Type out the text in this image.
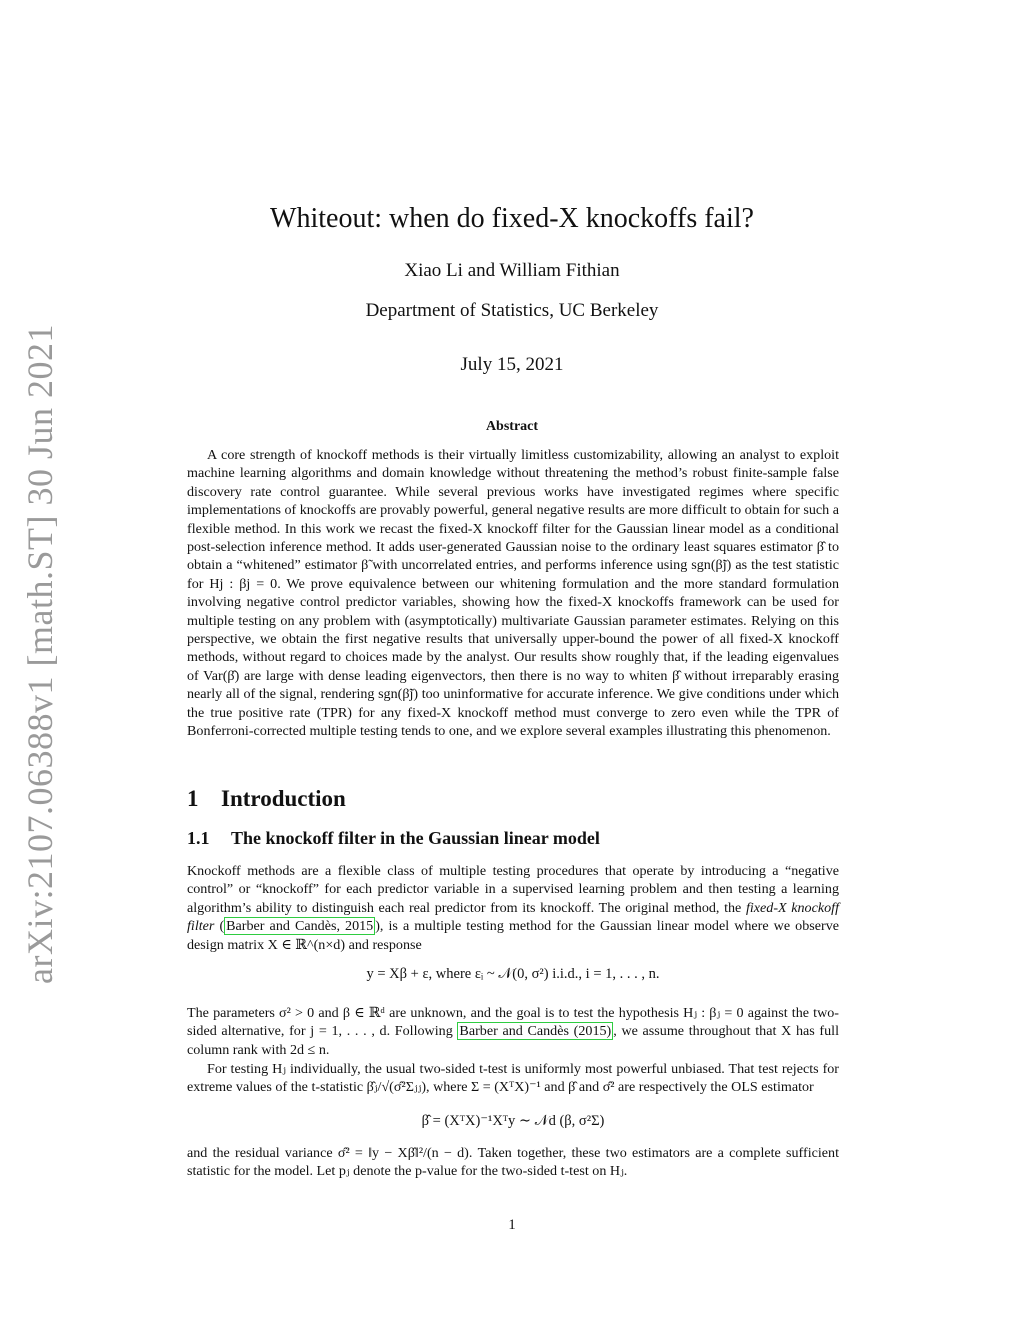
arXiv:2107.06388v1 [math.ST] 30 Jun 2021
Whiteout: when do fixed-X knockoffs fail?
Xiao Li and William Fithian
Department of Statistics, UC Berkeley
July 15, 2021
Abstract

A core strength of knockoff methods is their virtually limitless customizability, allowing an analyst to exploit machine learning algorithms and domain knowledge without threatening the method’s robust finite-sample false discovery rate control guarantee. While several previous works have investigated regimes where specific implementations of knockoffs are provably powerful, general negative results are more difficult to obtain for such a flexible method. In this work we recast the fixed-X knockoff filter for the Gaussian linear model as a conditional post-selection inference method. It adds user-generated Gaussian noise to the ordinary least squares estimator β̂ to obtain a “whitened” estimator β̃ with uncorrelated entries, and performs inference using sgn(β̃j) as the test statistic for Hj : βj = 0. We prove equivalence between our whitening formulation and the more standard formulation involving negative control predictor variables, showing how the fixed-X knockoffs framework can be used for multiple testing on any problem with (asymptotically) multivariate Gaussian parameter estimates. Relying on this perspective, we obtain the first negative results that universally upper-bound the power of all fixed-X knockoff methods, without regard to choices made by the analyst. Our results show roughly that, if the leading eigenvalues of Var(β̂) are large with dense leading eigenvectors, then there is no way to whiten β̂ without irreparably erasing nearly all of the signal, rendering sgn(β̃j) too uninformative for accurate inference. We give conditions under which the true positive rate (TPR) for any fixed-X knockoff method must converge to zero even while the TPR of Bonferroni-corrected multiple testing tends to one, and we explore several examples illustrating this phenomenon.

1 Introduction
1.1 The knockoff filter in the Gaussian linear model

Knockoff methods are a flexible class of multiple testing procedures that operate by introducing a “negative control” or “knockoff” for each predictor variable in a supervised learning problem and then testing a learning algorithm’s ability to distinguish each real predictor from its knockoff. The original method, the fixed-X knockoff filter ( Barber and Candès, 2015 ), is a multiple testing method for the Gaussian linear model where we observe design matrix X ∈ ℝ^(n×d) and response

y = Xβ + ε, where εᵢ ~ 𝒩(0, σ²) i.i.d., i = 1, . . . , n.

The parameters σ² > 0 and β ∈ ℝᵈ are unknown, and the goal is to test the hypothesis Hⱼ : βⱼ = 0 against the two-sided alternative, for j = 1, . . . , d. Following Barber and Candès (2015) , we assume throughout that X has full column rank with 2d ≤ n.

For testing Hⱼ individually, the usual two-sided t-test is uniformly most powerful unbiased. That test rejects for extreme values of the t-statistic β̂ⱼ/√(σ̂²Σⱼⱼ), where Σ = (XᵀX)⁻¹ and β̂ and σ̂² are respectively the OLS estimator

β̂ = (XᵀX)⁻¹Xᵀy ∼ 𝒩d (β, σ²Σ)

and the residual variance σ̂² = ‖y − Xβ̂‖²/(n − d). Taken together, these two estimators are a complete sufficient statistic for the model. Let pⱼ denote the p-value for the two-sided t-test on Hⱼ.

1
